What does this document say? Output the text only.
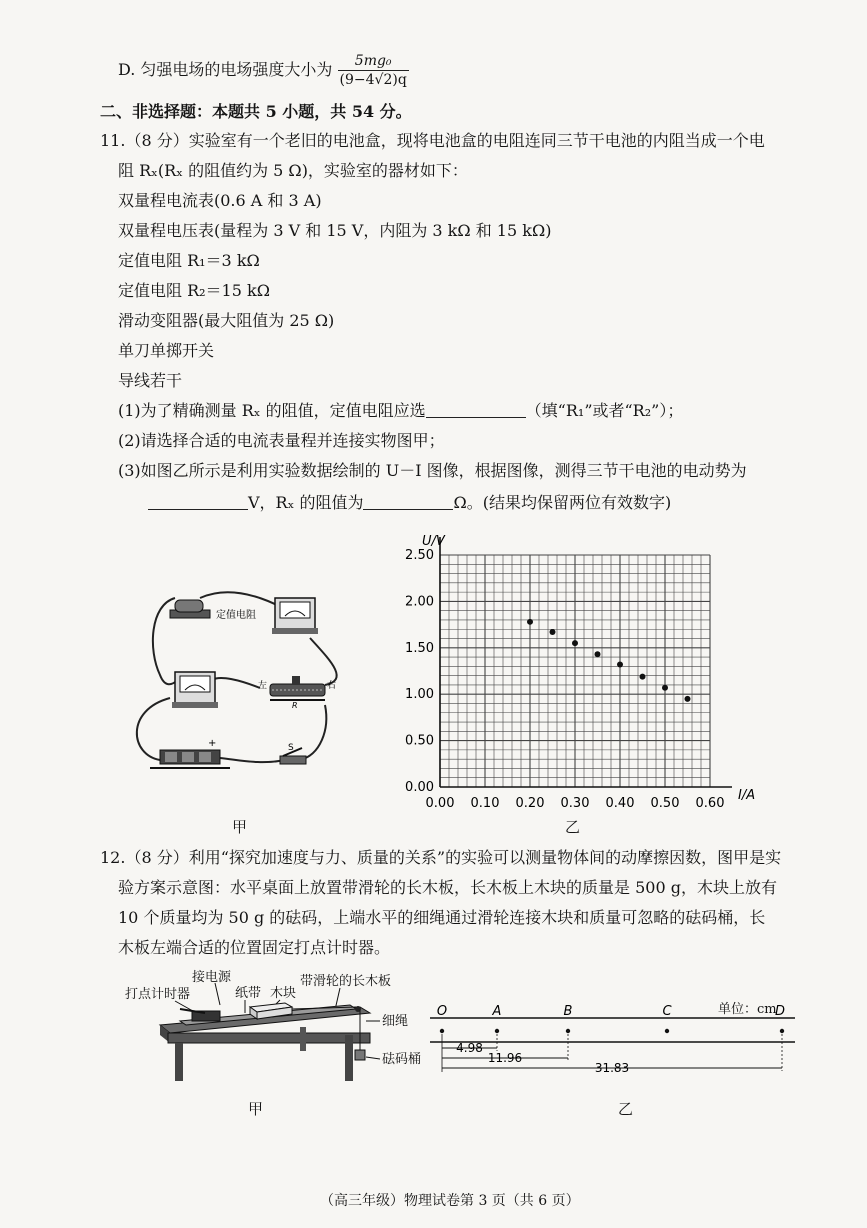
D. 匀强电场的电场强度大小为 $\frac{\text{5mg₀}}{(9-4√2)q}$
二、非选择题：本题共 5 小题，共 54 分。
11.（8 分）实验室有一个老旧的电池盒，现将电池盒的电阻连同三节干电池的内阻当成一个电
阻 Rₓ(Rₓ 的阻值约为 5 Ω)，实验室的器材如下：
双量程电流表(0.6 A 和 3 A)
双量程电压表(量程为 3 V 和 15 V，内阻为 3 kΩ 和 15 kΩ)
定值电阻 R₁＝3 kΩ
定值电阻 R₂＝15 kΩ
滑动变阻器(最大阻值为 25 Ω)
单刀单掷开关
导线若干
(1)为了精确测量 Rₓ 的阻值，定值电阻应选	（填“R₁”或者“R₂”）；
(2)请选择合适的电流表量程并连接实物图甲；
(3)如图乙所示是利用实验数据绘制的 U－I 图像，根据图像，测得三节干电池的电动势为
V，Rₓ 的阻值为	Ω。(结果均保留两位有效数字)
定值电阻
左	右
R
+	S
甲
0.00 0.10 0.20 0.30 0.40 0.50 0.60
0.00
0.50
1.00
1.50
2.00
2.50
I/A
U/V
乙
12.（8 分）利用“探究加速度与力、质量的关系”的实验可以测量物体间的动摩擦因数，图甲是实
验方案示意图：水平桌面上放置带滑轮的长木板，长木板上木块的质量是 500 g，木块上放有
10 个质量均为 50 g 的砝码，上端水平的细绳通过滑轮连接木块和质量可忽略的砝码桶，长
木板左端合适的位置固定打点计时器。
接电源
打点计时器	纸带 木块
带滑轮的长木板
细绳
砝码桶
甲
O	A	B	C	D
4.98
11.96
31.83
单位：cm
乙
（高三年级）物理试卷第 3 页（共 6 页）
